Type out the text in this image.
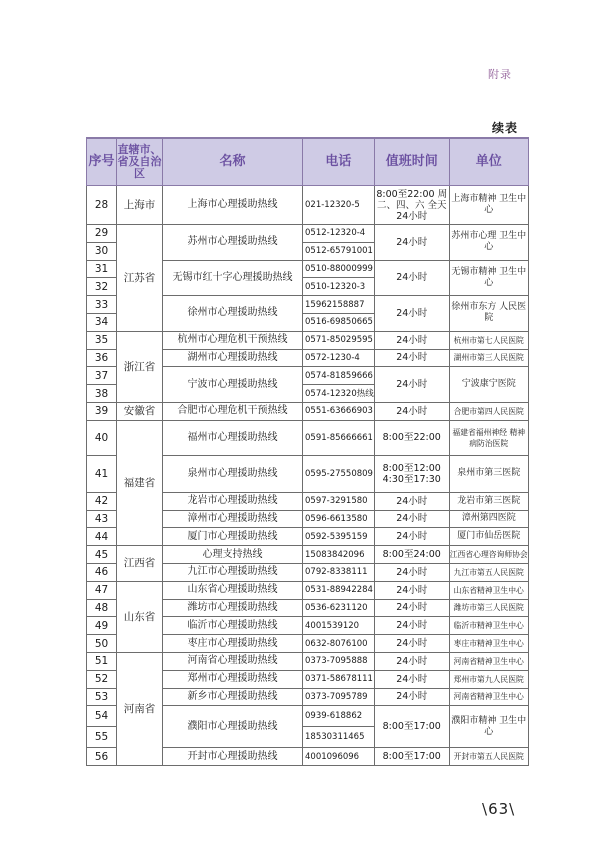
附录
续表
序号	直辖市、省及自治区	名称	电话	值班时间	单位
28	上海市	上海市心理援助热线	021-12320-5	8:00至22:00 周二、四、六 全天24小时	上海市精神 卫生中心
29	江苏省	苏州市心理援助热线	0512-12320-4	24小时	苏州市心理 卫生中心
30			0512-65791001		
31		无锡市红十字心理援助热线	0510-88000999	24小时	无锡市精神 卫生中心
32			0510-12320-3		
33		徐州市心理援助热线	15962158887	24小时	徐州市东方 人民医院
34			0516-69850665		
35	浙江省	杭州市心理危机干预热线	0571-85029595	24小时	杭州市第七人民医院
36		湖州市心理援助热线	0572-1230-4	24小时	湖州市第三人民医院
37		宁波市心理援助热线	0574-81859666	24小时	宁波康宁医院
38			0574-12320热线		
39	安徽省	合肥市心理危机干预热线	0551-63666903	24小时	合肥市第四人民医院
40	福建省	福州市心理援助热线	0591-85666661	8:00至22:00	福建省福州神经 精神病防治医院
41		泉州市心理援助热线	0595-27550809	8:00至12:00 4:30至17:30	泉州市第三医院
42		龙岩市心理援助热线	0597-3291580	24小时	龙岩市第三医院
43		漳州市心理援助热线	0596-6613580	24小时	漳州第四医院
44		厦门市心理援助热线	0592-5395159	24小时	厦门市仙岳医院
45	江西省	心理支持热线	15083842096	8:00至24:00	江西省心理咨询师协会
46		九江市心理援助热线	0792-8338111	24小时	九江市第五人民医院
47	山东省	山东省心理援助热线	0531-88942284	24小时	山东省精神卫生中心
48		潍坊市心理援助热线	0536-6231120	24小时	潍坊市第三人民医院
49		临沂市心理援助热线	4001539120	24小时	临沂市精神卫生中心
50		枣庄市心理援助热线	0632-8076100	24小时	枣庄市精神卫生中心
51	河南省	河南省心理援助热线	0373-7095888	24小时	河南省精神卫生中心
52		郑州市心理援助热线	0371-58678111	24小时	郑州市第九人民医院
53		新乡市心理援助热线	0373-7095789	24小时	河南省精神卫生中心
54		濮阳市心理援助热线	0939-618862	8:00至17:00	濮阳市精神 卫生中心
55			18530311465		
56		开封市心理援助热线	4001096096	8:00至17:00	开封市第五人民医院
\63\
